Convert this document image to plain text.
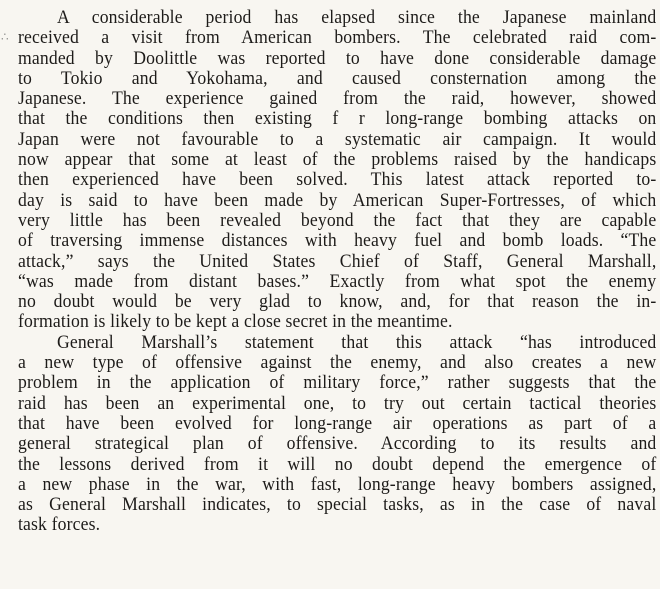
∴
A considerable period has elapsed since the Japanese mainland
received a visit from American bombers. The celebrated raid com-
manded by Doolittle was reported to have done considerable damage
to Tokio and Yokohama, and caused consternation among the
Japanese. The experience gained from the raid, however, showed
that the conditions then existing f r long-range bombing attacks on
Japan were not favourable to a systematic air campaign. It would
now appear that some at least of the problems raised by the handicaps
then experienced have been solved. This latest attack reported to-
day is said to have been made by American Super-Fortresses, of which
very little has been revealed beyond the fact that they are capable
of traversing immense distances with heavy fuel and bomb loads. “The
attack,” says the United States Chief of Staff, General Marshall,
“was made from distant bases.” Exactly from what spot the enemy
no doubt would be very glad to know, and, for that reason the in-
formation is likely to be kept a close secret in the meantime.
General Marshall’s statement that this attack “has introduced
a new type of offensive against the enemy, and also creates a new
problem in the application of military force,” rather suggests that the
raid has been an experimental one, to try out certain tactical theories
that have been evolved for long-range air operations as part of a
general strategical plan of offensive. According to its results and
the lessons derived from it will no doubt depend the emergence of
a new phase in the war, with fast, long-range heavy bombers assigned,
as General Marshall indicates, to special tasks, as in the case of naval
task forces.
